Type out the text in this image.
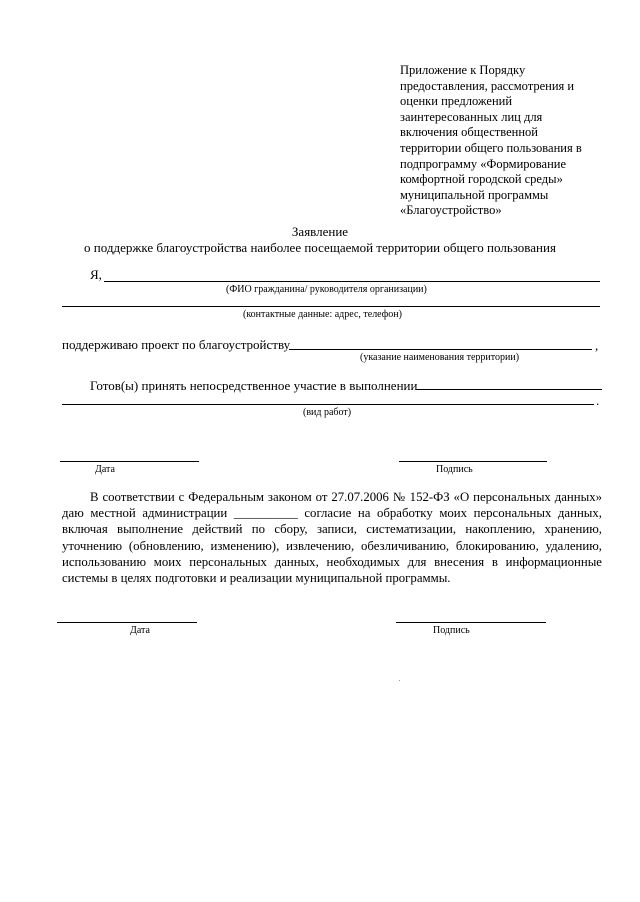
Приложение к Порядку
предоставления, рассмотрения и
оценки предложений
заинтересованных лиц для
включения общественной
территории общего пользования в
подпрограмму «Формирование
комфортной городской среды»
муниципальной программы
«Благоустройство»
Заявление
о поддержке благоустройства наиболее посещаемой территории общего пользования
Я,
(ФИО гражданина/ руководителя организации)
(контактные данные: адрес, телефон)
поддерживаю проект по благоустройству	,
(указание наименования территории)
Готов(ы) принять непосредственное участие в выполнении
.
(вид работ)
Дата	Подпись
В соответствии с Федеральным законом от 27.07.2006 № 152-ФЗ «О персональных данных»
даю местной администрации __________ согласие на обработку моих персональных данных,
включая выполнение действий по сбору, записи, систематизации, накоплению, хранению,
уточнению (обновлению, изменению), извлечению, обезличиванию, блокированию, удалению,
использованию моих персональных данных, необходимых для внесения в информационные
системы в целях подготовки и реализации муниципальной программы.
Дата	Подпись
